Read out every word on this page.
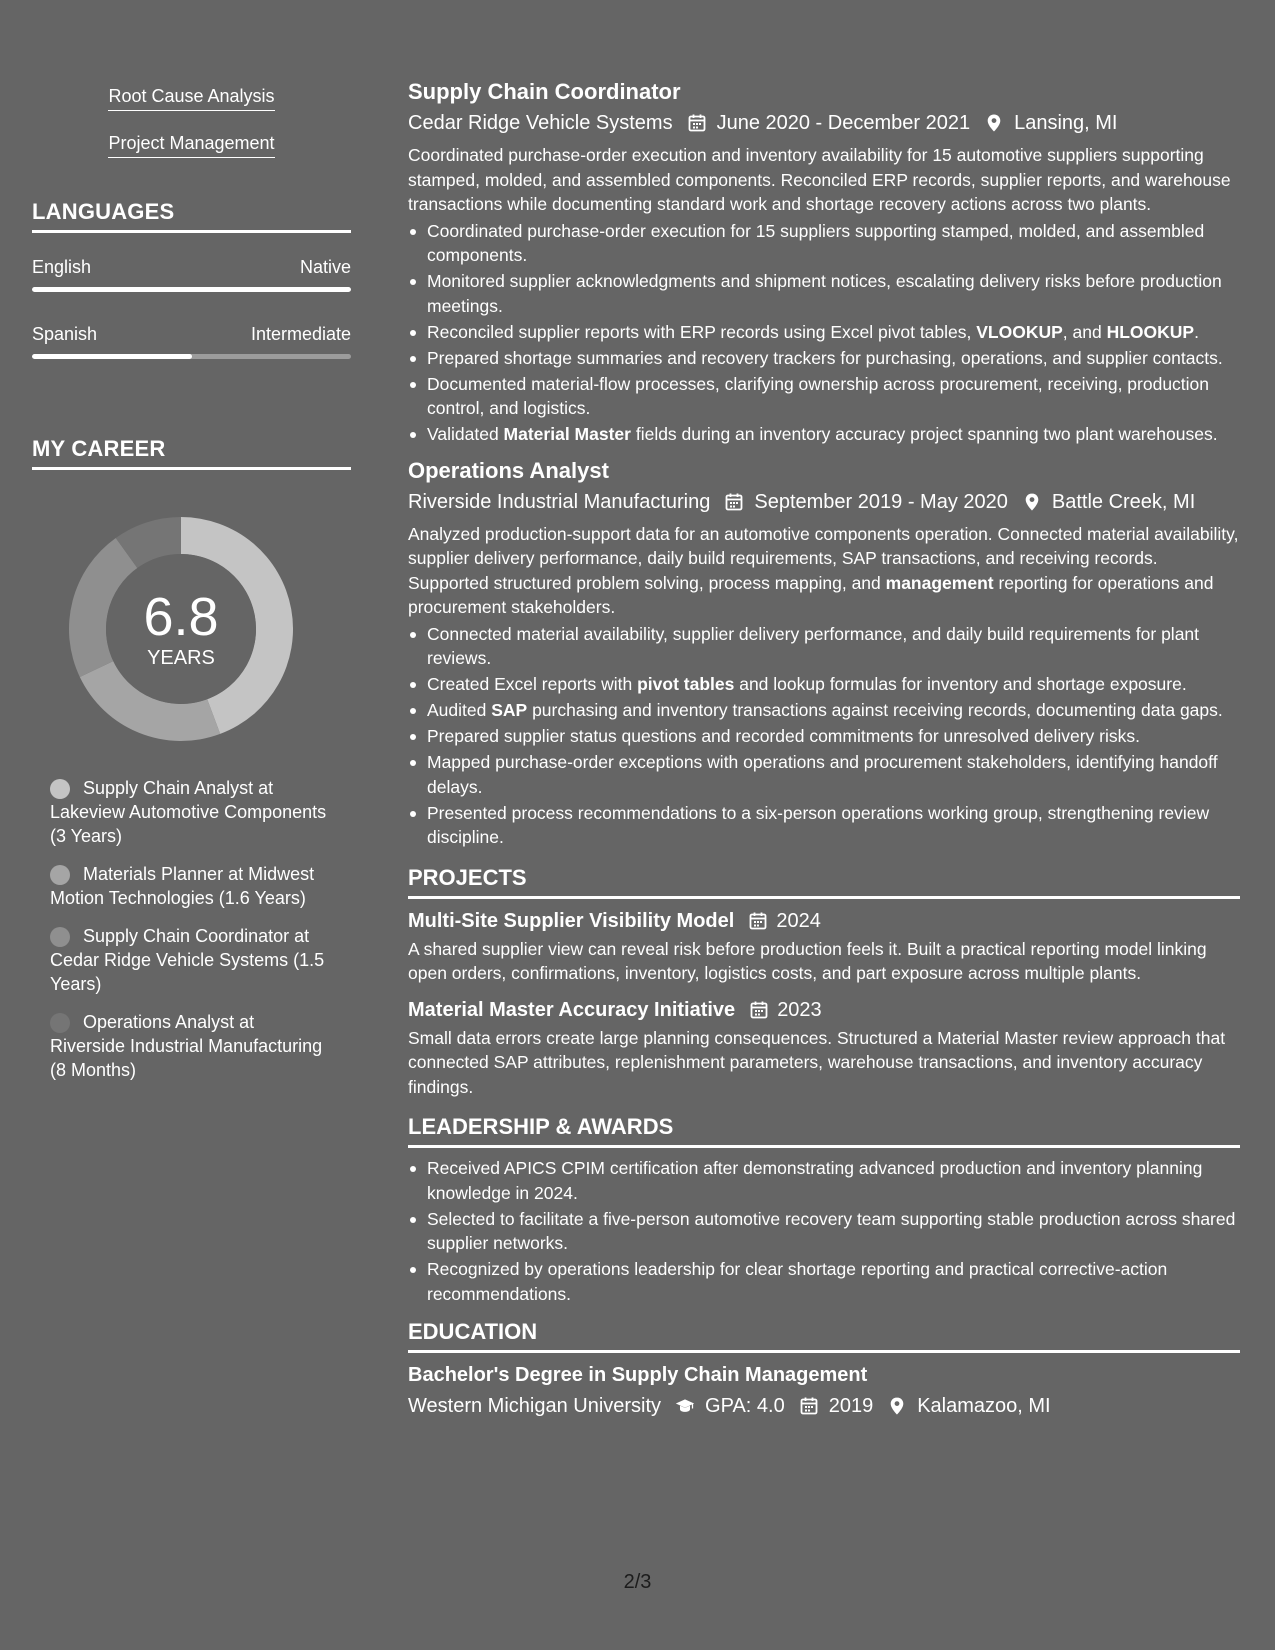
Root Cause Analysis
Project Management
LANGUAGES
English	Native
Spanish	Intermediate
MY CAREER
6.8
YEARS
Supply Chain Analyst at Lakeview Automotive Components (3 Years)
Materials Planner at Midwest Motion Technologies (1.6 Years)
Supply Chain Coordinator at Cedar Ridge Vehicle Systems (1.5 Years)
Operations Analyst at Riverside Industrial Manufacturing (8 Months)
Supply Chain Coordinator
Cedar Ridge Vehicle Systems June 2020 - December 2021 Lansing, MI
Coordinated purchase-order execution and inventory availability for 15 automotive suppliers supporting stamped, molded, and assembled components. Reconciled ERP records, supplier reports, and warehouse transactions while documenting standard work and shortage recovery actions across two plants.
Coordinated purchase-order execution for 15 suppliers supporting stamped, molded, and assembled components.
Monitored supplier acknowledgments and shipment notices, escalating delivery risks before production meetings.
Reconciled supplier reports with ERP records using Excel pivot tables, VLOOKUP, and HLOOKUP.
Prepared shortage summaries and recovery trackers for purchasing, operations, and supplier contacts.
Documented material-flow processes, clarifying ownership across procurement, receiving, production control, and logistics.
Validated Material Master fields during an inventory accuracy project spanning two plant warehouses.
Operations Analyst
Riverside Industrial Manufacturing September 2019 - May 2020 Battle Creek, MI
Analyzed production-support data for an automotive components operation. Connected material availability, supplier delivery performance, daily build requirements, SAP transactions, and receiving records. Supported structured problem solving, process mapping, and management reporting for operations and procurement stakeholders.
Connected material availability, supplier delivery performance, and daily build requirements for plant reviews.
Created Excel reports with pivot tables and lookup formulas for inventory and shortage exposure.
Audited SAP purchasing and inventory transactions against receiving records, documenting data gaps.
Prepared supplier status questions and recorded commitments for unresolved delivery risks.
Mapped purchase-order exceptions with operations and procurement stakeholders, identifying handoff delays.
Presented process recommendations to a six-person operations working group, strengthening review discipline.
PROJECTS
Multi-Site Supplier Visibility Model 2024
A shared supplier view can reveal risk before production feels it. Built a practical reporting model linking open orders, confirmations, inventory, logistics costs, and part exposure across multiple plants.
Material Master Accuracy Initiative 2023
Small data errors create large planning consequences. Structured a Material Master review approach that connected SAP attributes, replenishment parameters, warehouse transactions, and inventory accuracy findings.
LEADERSHIP & AWARDS
Received APICS CPIM certification after demonstrating advanced production and inventory planning knowledge in 2024.
Selected to facilitate a five-person automotive recovery team supporting stable production across shared supplier networks.
Recognized by operations leadership for clear shortage reporting and practical corrective-action recommendations.
EDUCATION
Bachelor's Degree in Supply Chain Management
Western Michigan University GPA: 4.0 2019 Kalamazoo, MI
2/3
